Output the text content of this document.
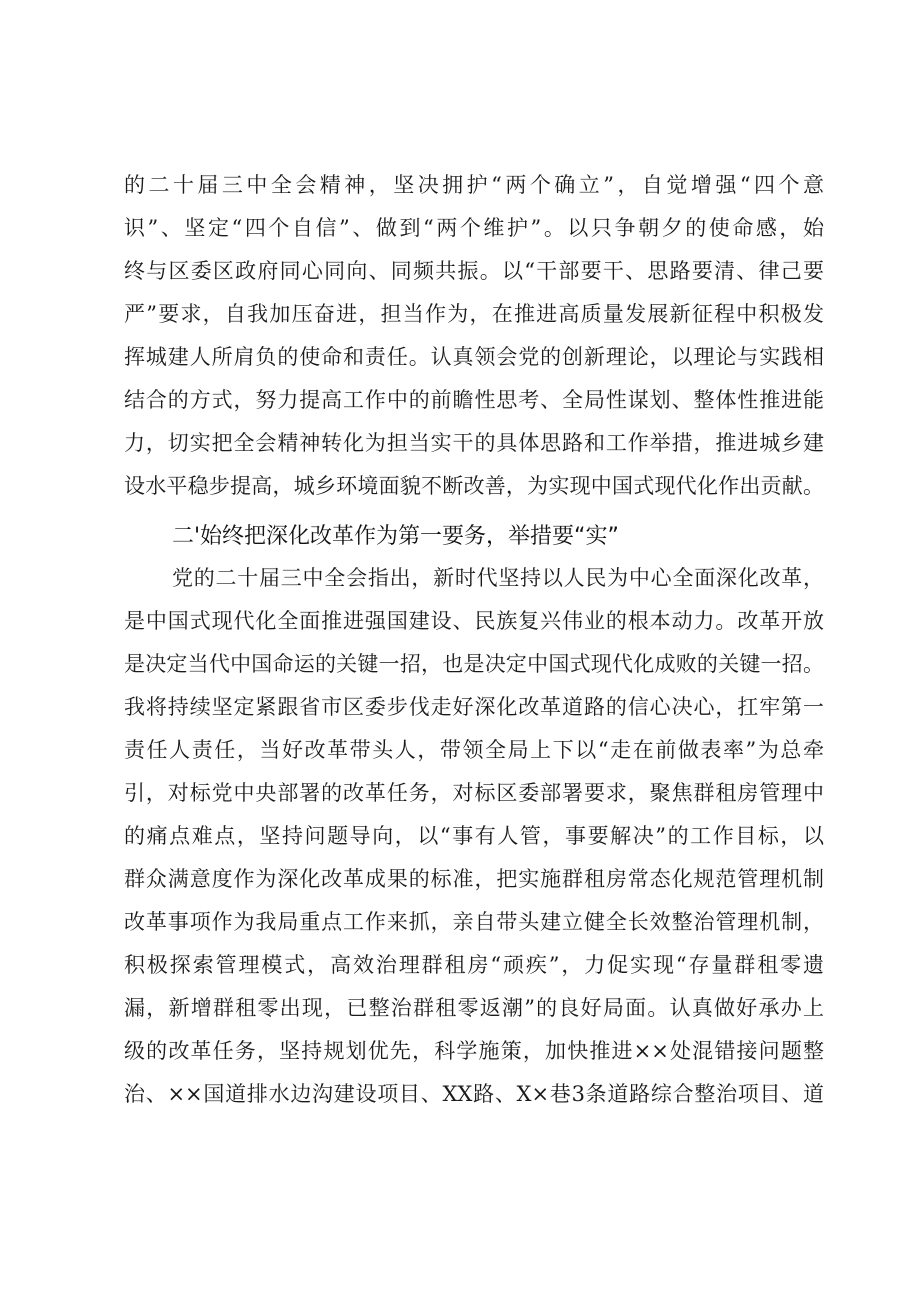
的二十届三中全会精神，坚决拥护“两个确立”，自觉增强“四个意

识”、坚定“四个自信”、做到“两个维护”。以只争朝夕的使命感，始

终与区委区政府同心同向、同频共振。以“干部要干、思路要清、律己要

严”要求，自我加压奋进，担当作为，在推进高质量发展新征程中积极发

挥城建人所肩负的使命和责任。认真领会党的创新理论，以理论与实践相

结合的方式，努力提高工作中的前瞻性思考、全局性谋划、整体性推进能

力，切实把全会精神转化为担当实干的具体思路和工作举措，推进城乡建

设水平稳步提高，城乡环境面貌不断改善，为实现中国式现代化作出贡献。

二'始终把深化改革作为第一要务，举措要“实”

党的二十届三中全会指出，新时代坚持以人民为中心全面深化改革，

是中国式现代化全面推进强国建设、民族复兴伟业的根本动力。改革开放

是决定当代中国命运的关键一招，也是决定中国式现代化成败的关键一招。

我将持续坚定紧跟省市区委步伐走好深化改革道路的信心决心，扛牢第一

责任人责任，当好改革带头人，带领全局上下以“走在前做表率”为总牵

引，对标党中央部署的改革任务，对标区委部署要求，聚焦群租房管理中

的痛点难点，坚持问题导向，以“事有人管，事要解决”的工作目标，以

群众满意度作为深化改革成果的标准，把实施群租房常态化规范管理机制

改革事项作为我局重点工作来抓，亲自带头建立健全长效整治管理机制，

积极探索管理模式，高效治理群租房“顽疾”，力促实现“存量群租零遗

漏，新增群租零出现，已整治群租零返潮”的良好局面。认真做好承办上

级的改革任务，坚持规划优先，科学施策，加快推进××处混错接问题整

治、××国道排水边沟建设项目、XX路、X×巷3条道路综合整治项目、道
